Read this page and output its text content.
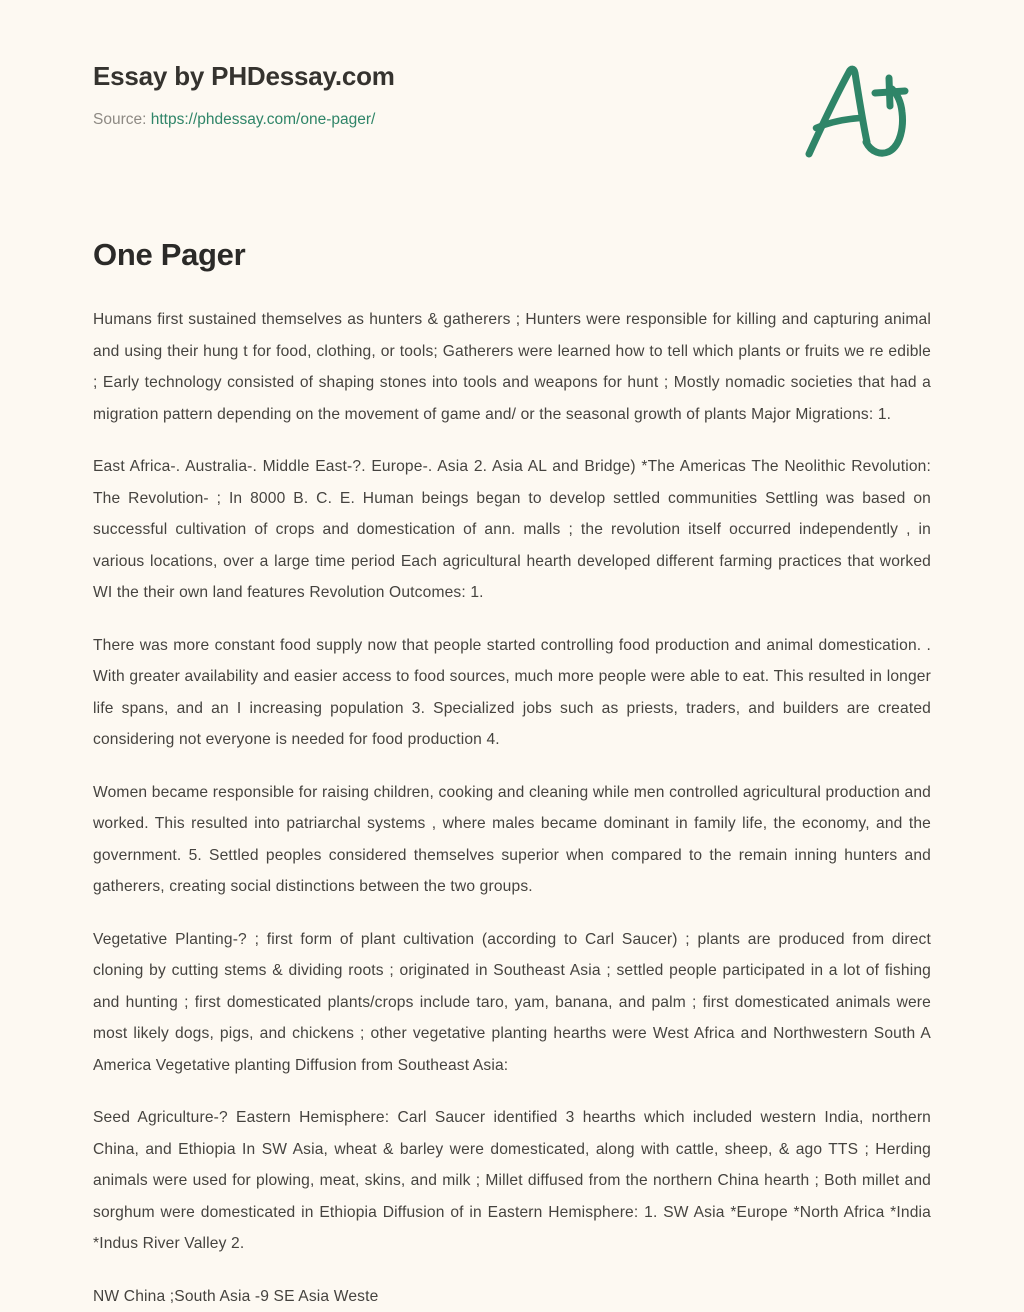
Essay by PHDessay.com
Source: https://phdessay.com/one-pager/
One Pager

Humans first sustained themselves as hunters & gatherers ; Hunters were responsible for killing and capturing animal and using their hung t for food, clothing, or tools; Gatherers were learned how to tell which plants or fruits we re edible ; Early technology consisted of shaping stones into tools and weapons for hunt ; Mostly nomadic societies that had a migration pattern depending on the movement of game and/ or the seasonal growth of plants Major Migrations: 1.

East Africa-. Australia-. Middle East-?. Europe-. Asia 2. Asia AL and Bridge) *The Americas The Neolithic Revolution: The Revolution- ; In 8000 B. C. E. Human beings began to develop settled communities Settling was based on successful cultivation of crops and domestication of ann. malls ; the revolution itself occurred independently , in various locations, over a large time period Each agricultural hearth developed different farming practices that worked WI the their own land features Revolution Outcomes: 1.

There was more constant food supply now that people started controlling food production and animal domestication. . With greater availability and easier access to food sources, much more people were able to eat. This resulted in longer life spans, and an I increasing population 3. Specialized jobs such as priests, traders, and builders are created considering not everyone is needed for food production 4.

Women became responsible for raising children, cooking and cleaning while men controlled agricultural production and worked. This resulted into patriarchal systems , where males became dominant in family life, the economy, and the government. 5. Settled peoples considered themselves superior when compared to the remain inning hunters and gatherers, creating social distinctions between the two groups.

Vegetative Planting-? ; first form of plant cultivation (according to Carl Saucer) ; plants are produced from direct cloning by cutting stems & dividing roots ; originated in Southeast Asia ; settled people participated in a lot of fishing and hunting ; first domesticated plants/crops include taro, yam, banana, and palm ; first domesticated animals were most likely dogs, pigs, and chickens ; other vegetative planting hearths were West Africa and Northwestern South A America Vegetative planting Diffusion from Southeast Asia:

Seed Agriculture-? Eastern Hemisphere: Carl Saucer identified 3 hearths which included western India, northern China, and Ethiopia In SW Asia, wheat & barley were domesticated, along with cattle, sheep, & ago TTS ; Herding animals were used for plowing, meat, skins, and milk ; Millet diffused from the northern China hearth ; Both millet and sorghum were domesticated in Ethiopia Diffusion of in Eastern Hemisphere: 1. SW Asia *Europe *North Africa *India *Indus River Valley 2.

NW China ;South Asia -9 SE Asia Weste
